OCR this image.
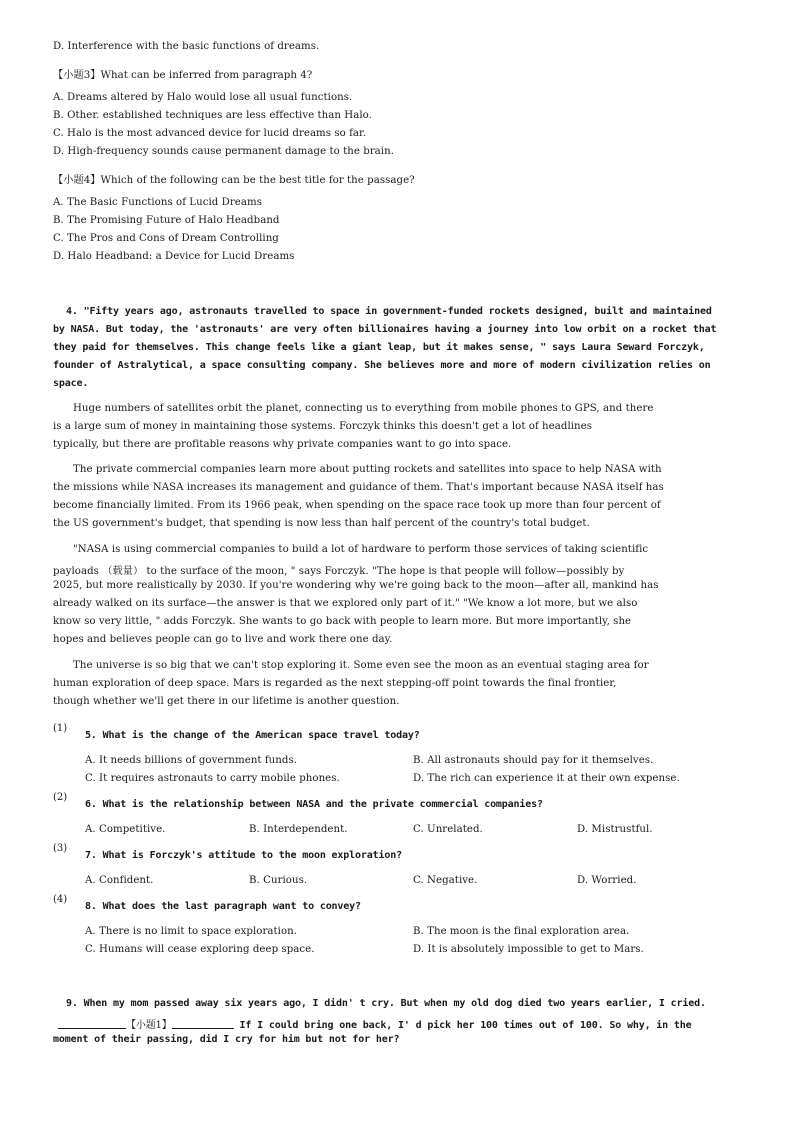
D. Interference with the basic functions of dreams.
【小题3】What can be inferred from paragraph 4?
A. Dreams altered by Halo would lose all usual functions.
B. Other. established techniques are less effective than Halo.
C. Halo is the most advanced device for lucid dreams so far.
D. High-frequency sounds cause permanent damage to the brain.
【小题4】Which of the following can be the best title for the passage?
A. The Basic Functions of Lucid Dreams
B. The Promising Future of Halo Headband
C. The Pros and Cons of Dream Controlling
D. Halo Headband: a Device for Lucid Dreams
4. "Fifty years ago, astronauts travelled to space in government-funded rockets designed, built and maintained
by NASA. But today, the 'astronauts' are very often billionaires having a journey into low orbit on a rocket that
they paid for themselves. This change feels like a giant leap, but it makes sense, " says Laura Seward Forczyk,
founder of Astralytical, a space consulting company. She believes more and more of modern civilization relies on
space.
Huge numbers of satellites orbit the planet, connecting us to everything from mobile phones to GPS, and there
is a large sum of money in maintaining those systems. Forczyk thinks this doesn't get a lot of headlines
typically, but there are profitable reasons why private companies want to go into space.
The private commercial companies learn more about putting rockets and satellites into space to help NASA with
the missions while NASA increases its management and guidance of them. That's important because NASA itself has
become financially limited. From its 1966 peak, when spending on the space race took up more than four percent of
the US government's budget, that spending is now less than half percent of the country's total budget.
"NASA is using commercial companies to build a lot of hardware to perform those services of taking scientific
payloads （载量） to the surface of the moon, " says Forczyk. "The hope is that people will follow—possibly by
2025, but more realistically by 2030. If you're wondering why we're going back to the moon—after all, mankind has
already walked on its surface—the answer is that we explored only part of it." "We know a lot more, but we also
know so very little, " adds Forczyk. She wants to go back with people to learn more. But more importantly, she
hopes and believes people can go to live and work there one day.
The universe is so big that we can't stop exploring it. Some even see the moon as an eventual staging area for
human exploration of deep space. Mars is regarded as the next stepping-off point towards the final frontier,
though whether we'll get there in our lifetime is another question.
(1)
5. What is the change of the American space travel today?
A. It needs billions of government funds.	B. All astronauts should pay for it themselves.
C. It requires astronauts to carry mobile phones.	D. The rich can experience it at their own expense.
(2)
6. What is the relationship between NASA and the private commercial companies?
A. Competitive.	B. Interdependent.	C. Unrelated.	D. Mistrustful.
(3)
7. What is Forczyk's attitude to the moon exploration?
A. Confident.	B. Curious.	C. Negative.	D. Worried.
(4)
8. What does the last paragraph want to convey?
A. There is no limit to space exploration.	B. The moon is the final exploration area.
C. Humans will cease exploring deep space.	D. It is absolutely impossible to get to Mars.
9. When my mom passed away six years ago, I didn' t cry. But when my old dog died two years earlier, I cried.
【小题1】	If I could bring one back, I' d pick her 100 times out of 100. So why, in the
moment of their passing, did I cry for him but not for her?
